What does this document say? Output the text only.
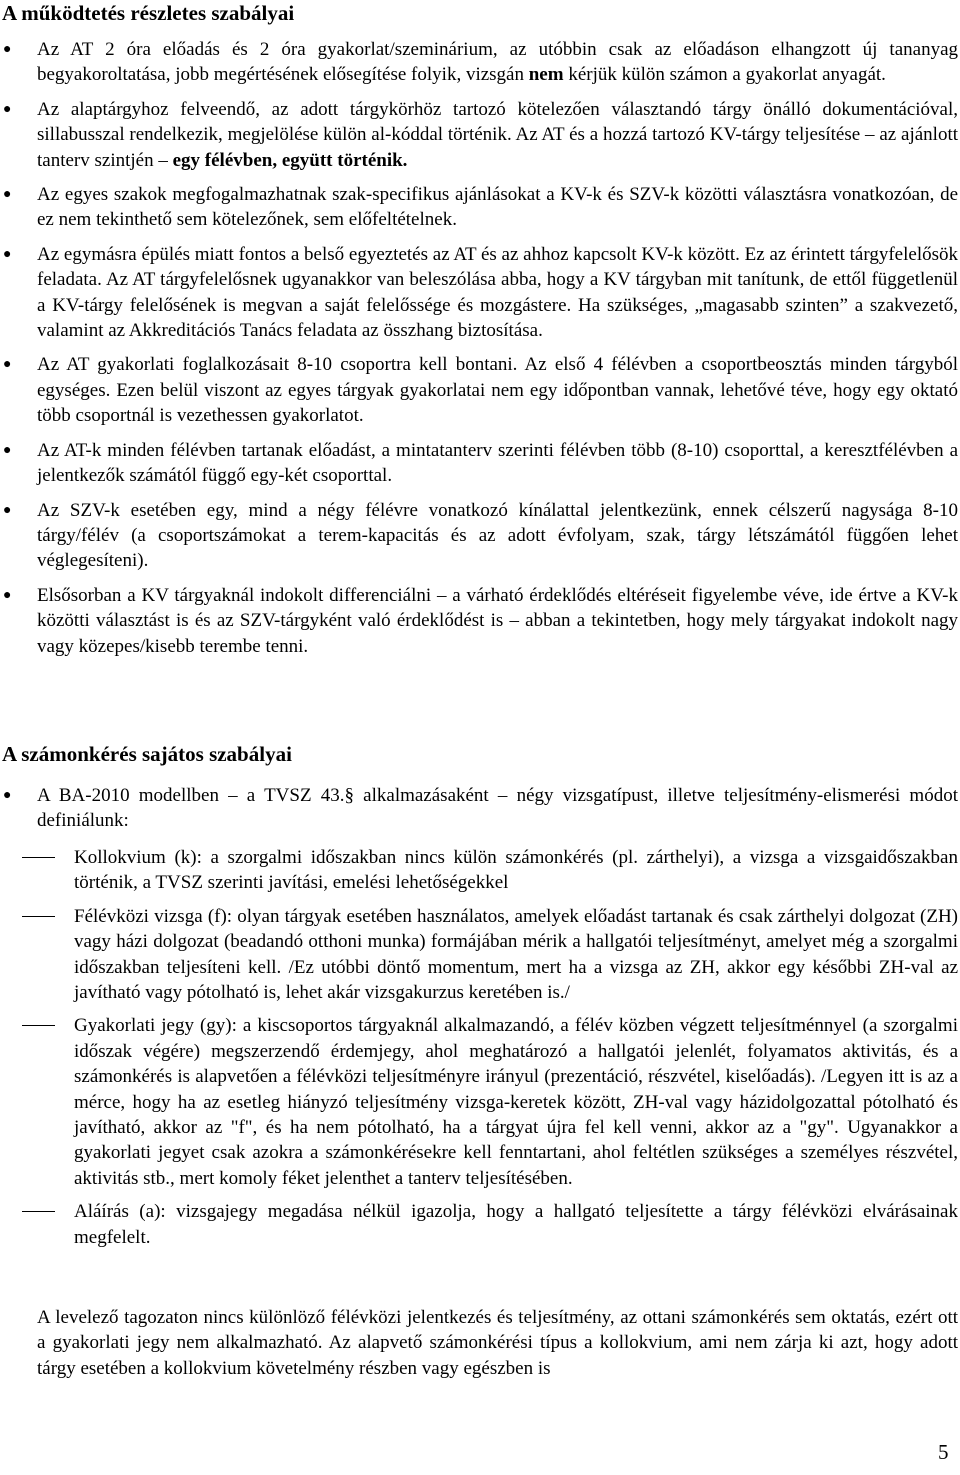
A működtetés részletes szabályai
● Az AT 2 óra előadás és 2 óra gyakorlat/szeminárium, az utóbbin csak az előadáson elhangzott új tananyag begyakoroltatása, jobb megértésének elősegítése folyik, vizsgán nem kérjük külön számon a gyakorlat anyagát.
● Az alaptárgyhoz felveendő, az adott tárgykörhöz tartozó kötelezően választandó tárgy önálló dokumentációval, sillabusszal rendelkezik, megjelölése külön al-kóddal történik. Az AT és a hozzá tartozó KV-tárgy teljesítése – az ajánlott tanterv szintjén – egy félévben, együtt történik.
● Az egyes szakok megfogalmazhatnak szak-specifikus ajánlásokat a KV-k és SZV-k közötti választásra vonatkozóan, de ez nem tekinthető sem kötelezőnek, sem előfeltételnek.
● Az egymásra épülés miatt fontos a belső egyeztetés az AT és az ahhoz kapcsolt KV-k között. Ez az érintett tárgyfelelősök feladata. Az AT tárgyfelelősnek ugyanakkor van beleszólása abba, hogy a KV tárgyban mit tanítunk, de ettől függetlenül a KV-tárgy felelősének is megvan a saját felelőssége és mozgástere. Ha szükséges, „magasabb szinten” a szakvezető, valamint az Akkreditációs Tanács feladata az összhang biztosítása.
● Az AT gyakorlati foglalkozásait 8-10 csoportra kell bontani. Az első 4 félévben a csoportbeosztás minden tárgyból egységes. Ezen belül viszont az egyes tárgyak gyakorlatai nem egy időpontban vannak, lehetővé téve, hogy egy oktató több csoportnál is vezethessen gyakorlatot.
● Az AT-k minden félévben tartanak előadást, a mintatanterv szerinti félévben több (8-10) csoporttal, a keresztfélévben a jelentkezők számától függő egy-két csoporttal.
● Az SZV-k esetében egy, mind a négy félévre vonatkozó kínálattal jelentkezünk, ennek célszerű nagysága 8-10 tárgy/félév (a csoportszámokat a terem-kapacitás és az adott évfolyam, szak, tárgy létszámától függően lehet véglegesíteni).
● Elsősorban a KV tárgyaknál indokolt differenciálni – a várható érdeklődés eltéréseit figyelembe véve, ide értve a KV-k közötti választást is és az SZV-tárgyként való érdeklődést is – abban a tekintetben, hogy mely tárgyakat indokolt nagy vagy közepes/kisebb terembe tenni.
A számonkérés sajátos szabályai
● A BA-2010 modellben – a TVSZ 43.§ alkalmazásaként – négy vizsgatípust, illetve teljesítmény-elismerési módot definiálunk:
Kollokvium (k): a szorgalmi időszakban nincs külön számonkérés (pl. zárthelyi), a vizsga a vizsgaidőszakban történik, a TVSZ szerinti javítási, emelési lehetőségekkel
Félévközi vizsga (f): olyan tárgyak esetében használatos, amelyek előadást tartanak és csak zárthelyi dolgozat (ZH) vagy házi dolgozat (beadandó otthoni munka) formájában mérik a hallgatói teljesítményt, amelyet még a szorgalmi időszakban teljesíteni kell. /Ez utóbbi döntő momentum, mert ha a vizsga az ZH, akkor egy későbbi ZH-val az javítható vagy pótolható is, lehet akár vizsgakurzus keretében is./
Gyakorlati jegy (gy): a kiscsoportos tárgyaknál alkalmazandó, a félév közben végzett teljesítménnyel (a szorgalmi időszak végére) megszerzendő érdemjegy, ahol meghatározó a hallgatói jelenlét, folyamatos aktivitás, és a számonkérés is alapvetően a félévközi teljesítményre irányul (prezentáció, részvétel, kiselőadás). /Legyen itt is az a mérce, hogy ha az esetleg hiányzó teljesítmény vizsga-keretek között, ZH-val vagy házidolgozattal pótolható és javítható, akkor az "f", és ha nem pótolható, ha a tárgyat újra fel kell venni, akkor az a "gy". Ugyanakkor a gyakorlati jegyet csak azokra a számonkérésekre kell fenntartani, ahol feltétlen szükséges a személyes részvétel, aktivitás stb., mert komoly féket jelenthet a tanterv teljesítésében.
Aláírás (a): vizsgajegy megadása nélkül igazolja, hogy a hallgató teljesítette a tárgy félévközi elvárásainak megfelelt.

A levelező tagozaton nincs különlöző félévközi jelentkezés és teljesítmény, az ottani számonkérés sem oktatás, ezért ott a gyakorlati jegy nem alkalmazható. Az alapvető számonkérési típus a kollokvium, ami nem zárja ki azt, hogy adott tárgy esetében a kollokvium követelmény részben vagy egészben is

5
